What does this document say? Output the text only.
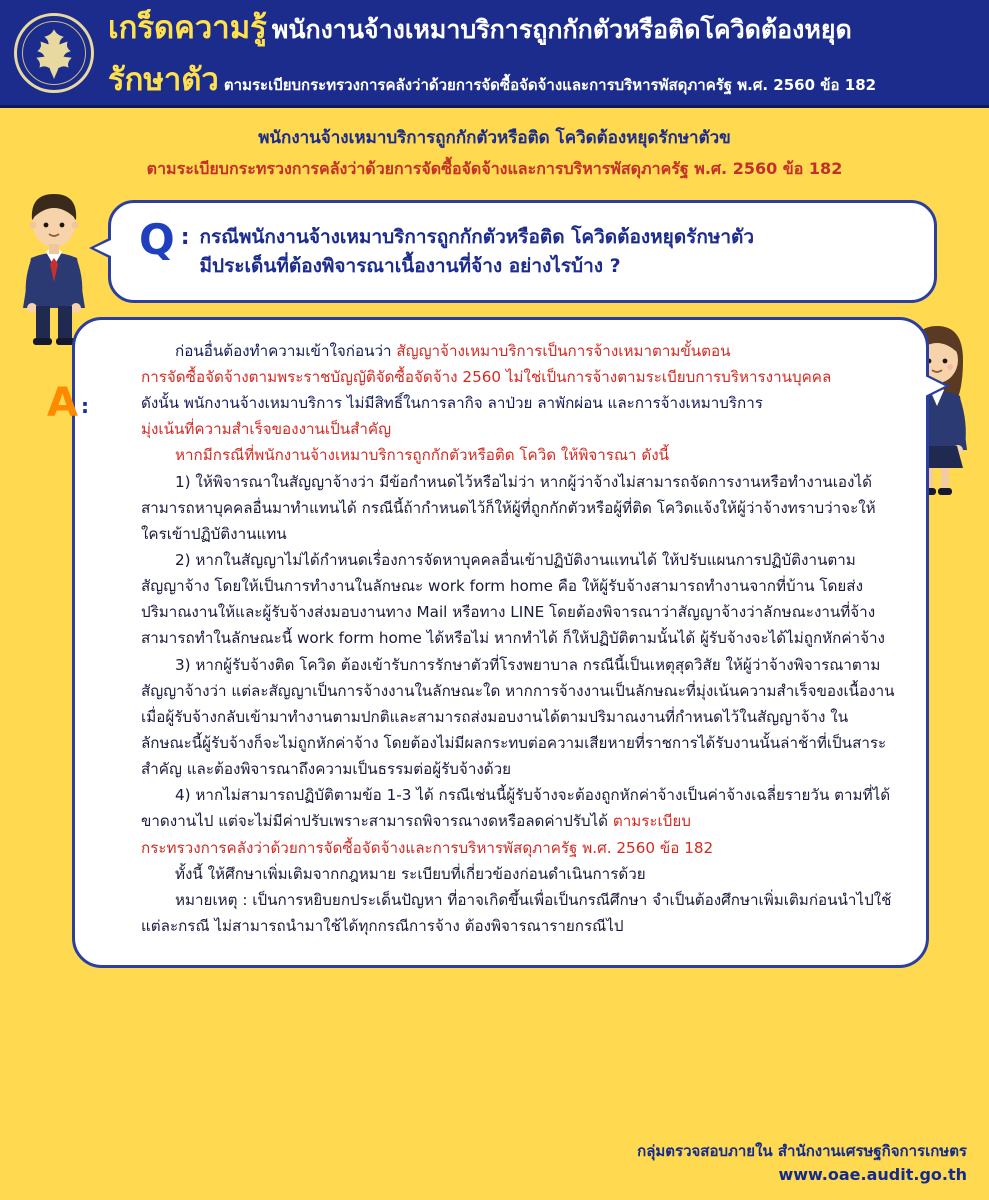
เกร็ดความรู้ พนักงานจ้างเหมาบริการถูกกักตัวหรือติดโควิดต้องหยุด
รักษาตัว ตามระเบียบกระทรวงการคลังว่าด้วยการจัดซื้อจัดจ้างและการบริหารพัสดุภาครัฐ พ.ศ. 2560 ข้อ 182
พนักงานจ้างเหมาบริการถูกกักตัวหรือติด โควิดต้องหยุดรักษาตัวข
ตามระเบียบกระทรวงการคลังว่าด้วยการจัดซื้อจัดจ้างและการบริหารพัสดุภาครัฐ พ.ศ. 2560 ข้อ 182
Q : กรณีพนักงานจ้างเหมาบริการถูกกักตัวหรือติด โควิดต้องหยุดรักษาตัว
มีประเด็นที่ต้องพิจารณาเนื้องานที่จ้าง อย่างไรบ้าง ?
A :

ก่อนอื่นต้องทำความเข้าใจก่อนว่า สัญญาจ้างเหมาบริการเป็นการจ้างเหมาตามขั้นตอน

การจัดซื้อจัดจ้างตามพระราชบัญญัติจัดซื้อจัดจ้าง 2560 ไม่ใช่เป็นการจ้างตามระเบียบการบริหารงานบุคคล

ดังนั้น พนักงานจ้างเหมาบริการ ไม่มีสิทธิ์ในการลากิจ ลาป่วย ลาพักผ่อน และการจ้างเหมาบริการ

มุ่งเน้นที่ความสำเร็จของงานเป็นสำคัญ

หากมีกรณีที่พนักงานจ้างเหมาบริการถูกกักตัวหรือติด โควิด ให้พิจารณา ดังนี้

1) ให้พิจารณาในสัญญาจ้างว่า มีข้อกำหนดไว้หรือไม่ว่า หากผู้ว่าจ้างไม่สามารถจัดการงานหรือทำงานเองได้ สามารถหาบุคคลอื่นมาทำแทนได้ กรณีนี้ถ้ากำหนดไว้ก็ให้ผู้ที่ถูกกักตัวหรือผู้ที่ติด โควิดแจ้งให้ผู้ว่าจ้างทราบว่าจะให้ใครเข้าปฏิบัติงานแทน

2) หากในสัญญาไม่ได้กำหนดเรื่องการจัดหาบุคคลอื่นเข้าปฏิบัติงานแทนได้ ให้ปรับแผนการปฏิบัติงานตามสัญญาจ้าง โดยให้เป็นการทำงานในลักษณะ work form home คือ ให้ผู้รับจ้างสามารถทำงานจากที่บ้าน โดยส่งปริมาณงานให้และผู้รับจ้างส่งมอบงานทาง Mail หรือทาง LINE โดยต้องพิจารณาว่าสัญญาจ้างว่าลักษณะงานที่จ้าง สามารถทำในลักษณะนี้ work form home ได้หรือไม่ หากทำได้ ก็ให้ปฏิบัติตามนั้นได้ ผู้รับจ้างจะได้ไม่ถูกหักค่าจ้าง

3) หากผู้รับจ้างติด โควิด ต้องเข้ารับการรักษาตัวที่โรงพยาบาล กรณีนี้เป็นเหตุสุดวิสัย ให้ผู้ว่าจ้างพิจารณาตามสัญญาจ้างว่า แต่ละสัญญาเป็นการจ้างงานในลักษณะใด หากการจ้างงานเป็นลักษณะที่มุ่งเน้นความสำเร็จของเนื้องาน เมื่อผู้รับจ้างกลับเข้ามาทำงานตามปกติและสามารถส่งมอบงานได้ตามปริมาณงานที่กำหนดไว้ในสัญญาจ้าง ในลักษณะนี้ผู้รับจ้างก็จะไม่ถูกหักค่าจ้าง โดยต้องไม่มีผลกระทบต่อความเสียหายที่ราชการได้รับงานนั้นล่าช้าที่เป็นสาระสำคัญ และต้องพิจารณาถึงความเป็นธรรมต่อผู้รับจ้างด้วย

4) หากไม่สามารถปฏิบัติตามข้อ 1-3 ได้ กรณีเช่นนี้ผู้รับจ้างจะต้องถูกหักค่าจ้างเป็นค่าจ้างเฉลี่ยรายวัน ตามที่ได้ขาดงานไป แต่จะไม่มีค่าปรับเพราะสามารถพิจารณางดหรือลดค่าปรับได้ ตามระเบียบ

กระทรวงการคลังว่าด้วยการจัดซื้อจัดจ้างและการบริหารพัสดุภาครัฐ พ.ศ. 2560 ข้อ 182

ทั้งนี้ ให้ศึกษาเพิ่มเติมจากกฎหมาย ระเบียบที่เกี่ยวข้องก่อนดำเนินการด้วย

หมายเหตุ : เป็นการหยิบยกประเด็นปัญหา ที่อาจเกิดขึ้นเพื่อเป็นกรณีศึกษา จำเป็นต้องศึกษาเพิ่มเติมก่อนนำไปใช้แต่ละกรณี ไม่สามารถนำมาใช้ได้ทุกกรณีการจ้าง ต้องพิจารณารายกรณีไป

กลุ่มตรวจสอบภายใน สำนักงานเศรษฐกิจการเกษตร
www.oae.audit.go.th
